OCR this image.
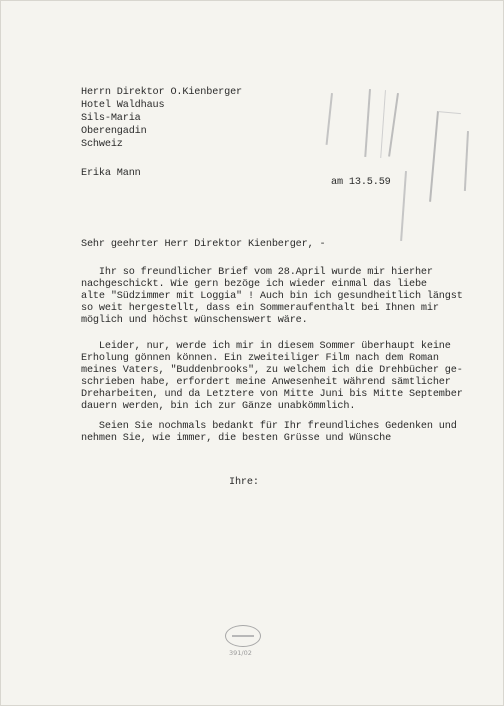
Herrn Direktor O.Kienberger
Hotel Waldhaus
Sils-Maria
Oberengadin
Schweiz
Erika Mann
am 13.5.59
Sehr geehrter Herr Direktor Kienberger, -
Ihr so freundlicher Brief vom 28.April wurde mir hierher
nachgeschickt. Wie gern bezöge ich wieder einmal das liebe
alte "Südzimmer mit Loggia" ! Auch bin ich gesundheitlich längst
so weit hergestellt, dass ein Sommeraufenthalt bei Ihnen mir
möglich und höchst wünschenswert wäre.
Leider, nur, werde ich mir in diesem Sommer überhaupt keine
Erholung gönnen können. Ein zweiteiliger Film nach dem Roman
meines Vaters, "Buddenbrooks", zu welchem ich die Drehbücher ge-
schrieben habe, erfordert meine Anwesenheit während sämtlicher
Dreharbeiten, und da Letztere von Mitte Juni bis Mitte September
dauern werden, bin ich zur Gänze unabkömmlich.
Seien Sie nochmals bedankt für Ihr freundliches Gedenken und
nehmen Sie, wie immer, die besten Grüsse und Wünsche
Ihre:
391/02
